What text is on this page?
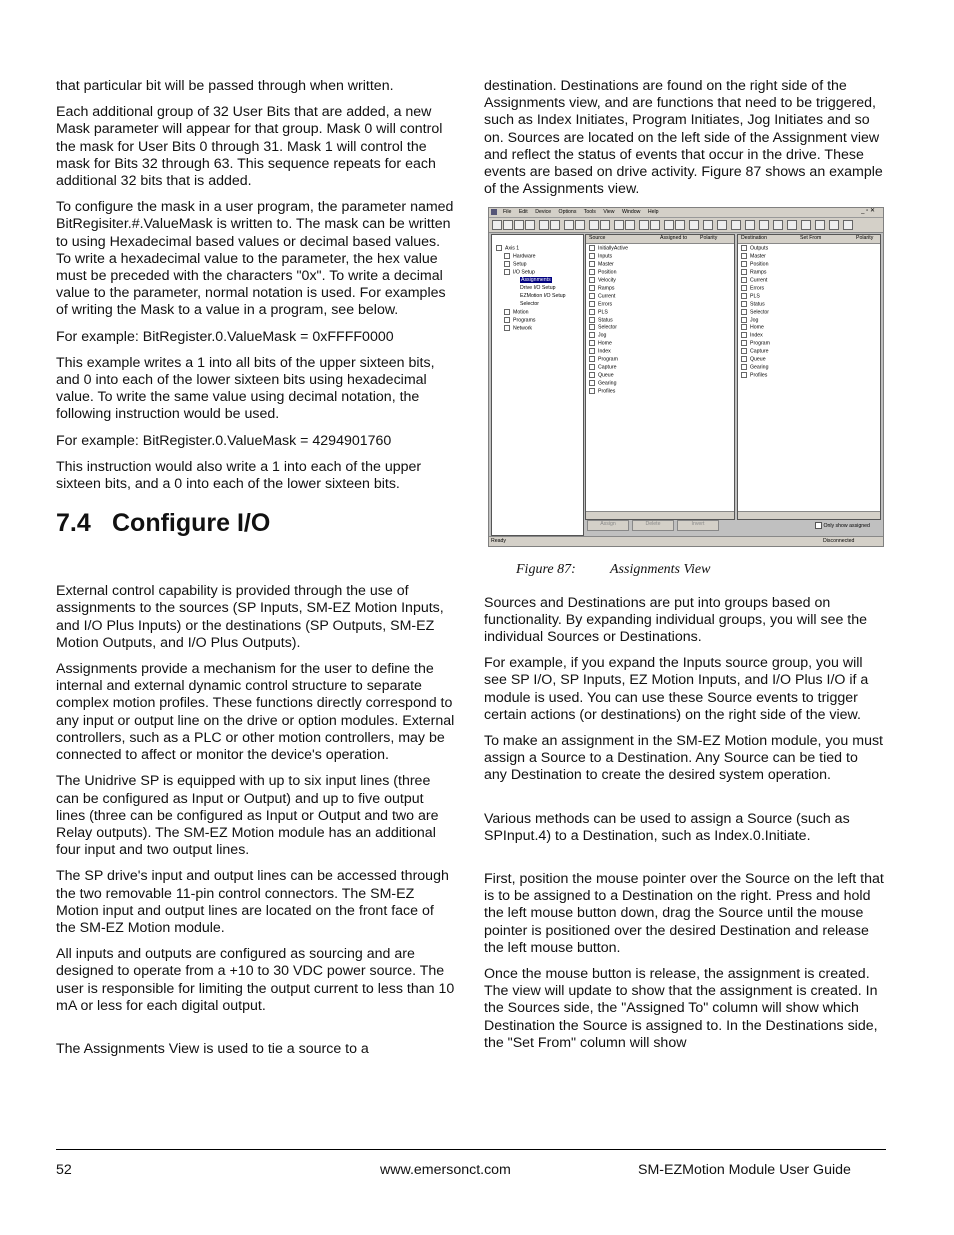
that particular bit will be passed through when written.

Each additional group of 32 User Bits that are added, a new Mask parameter will appear for that group. Mask 0 will control the mask for User Bits 0 through 31. Mask 1 will control the mask for Bits 32 through 63. This sequence repeats for each additional 32 bits that is added.

To configure the mask in a user program, the parameter named BitRegisiter.#.ValueMask is written to. The mask can be written to using Hexadecimal based values or decimal based values. To write a hexadecimal value to the parameter, the hex value must be preceded with the characters "0x". To write a decimal value to the parameter, normal notation is used. For examples of writing the Mask to a value in a program, see below.

For example: BitRegister.0.ValueMask = 0xFFFF0000

This example writes a 1 into all bits of the upper sixteen bits, and 0 into each of the lower sixteen bits using hexadecimal value. To write the same value using decimal notation, the following instruction would be used.

For example: BitRegister.0.ValueMask = 4294901760

This instruction would also write a 1 into each of the upper sixteen bits, and a 0 into each of the lower sixteen bits.

7.4 Configure I/O

External control capability is provided through the use of assignments to the sources (SP Inputs, SM-EZ Motion Inputs, and I/O Plus Inputs) or the destinations (SP Outputs, SM-EZ Motion Outputs, and I/O Plus Outputs).

Assignments provide a mechanism for the user to define the internal and external dynamic control structure to separate complex motion profiles. These functions directly correspond to any input or output line on the drive or option modules. External controllers, such as a PLC or other motion controllers, may be connected to affect or monitor the device's operation.

The Unidrive SP is equipped with up to six input lines (three can be configured as Input or Output) and up to five output lines (three can be configured as Input or Output and two are Relay outputs). The SM-EZ Motion module has an additional four input and two output lines.

The SP drive's input and output lines can be accessed through the two removable 11-pin control connectors. The SM-EZ Motion input and output lines are located on the front face of the SM-EZ Motion module.

All inputs and outputs are configured as sourcing and are designed to operate from a +10 to 30 VDC power source. The user is responsible for limiting the output current to less than 10 mA or less for each digital output.

The Assignments View is used to tie a source to a

destination. Destinations are found on the right side of the Assignments view, and are functions that need to be triggered, such as Index Initiates, Program Initiates, Jog Initiates and so on. Sources are located on the left side of the Assignment view and reflect the status of events that occur in the drive. These events are based on drive activity. Figure 87 shows an example of the Assignments view.

File Edit Device Options Tools View Window Help	_ ▫ ✕
Axis 1
Hardware
Setup
I/O Setup
Assignments
Drive I/O Setup
EZMotion I/O Setup
Selector
Motion
Programs
Network
Source	Assigned to Polarity
InitiallyActive
Inputs
Master
Position
Velocity
Ramps
Current
Errors
PLS
Status
Selector
Jog
Home
Index
Program
Capture
Queue
Gearing
Profiles
Destination	Set From	Polarity
Outputs
Master
Position
Ramps
Current
Errors
PLS
Status
Selector
Jog
Home
Index
Program
Capture
Queue
Gearing
Profiles
Assign	Delete	Invert	Only show assigned
Ready	Disconnected
Figure 87: Assignments View

Sources and Destinations are put into groups based on functionality. By expanding individual groups, you will see the individual Sources or Destinations.

For example, if you expand the Inputs source group, you will see SP I/O, SP Inputs, EZ Motion Inputs, and I/O Plus I/O if a module is used. You can use these Source events to trigger certain actions (or destinations) on the right side of the view.

To make an assignment in the SM-EZ Motion module, you must assign a Source to a Destination. Any Source can be tied to any Destination to create the desired system operation.

Various methods can be used to assign a Source (such as SPInput.4) to a Destination, such as Index.0.Initiate.

First, position the mouse pointer over the Source on the left that is to be assigned to a Destination on the right. Press and hold the left mouse button down, drag the Source until the mouse pointer is positioned over the desired Destination and release the left mouse button.

Once the mouse button is release, the assignment is created. The view will update to show that the assignment is created. In the Sources side, the "Assigned To" column will show which Destination the Source is assigned to. In the Destinations side, the "Set From" column will show

52	www.emersonct.com	SM-EZMotion Module User Guide
